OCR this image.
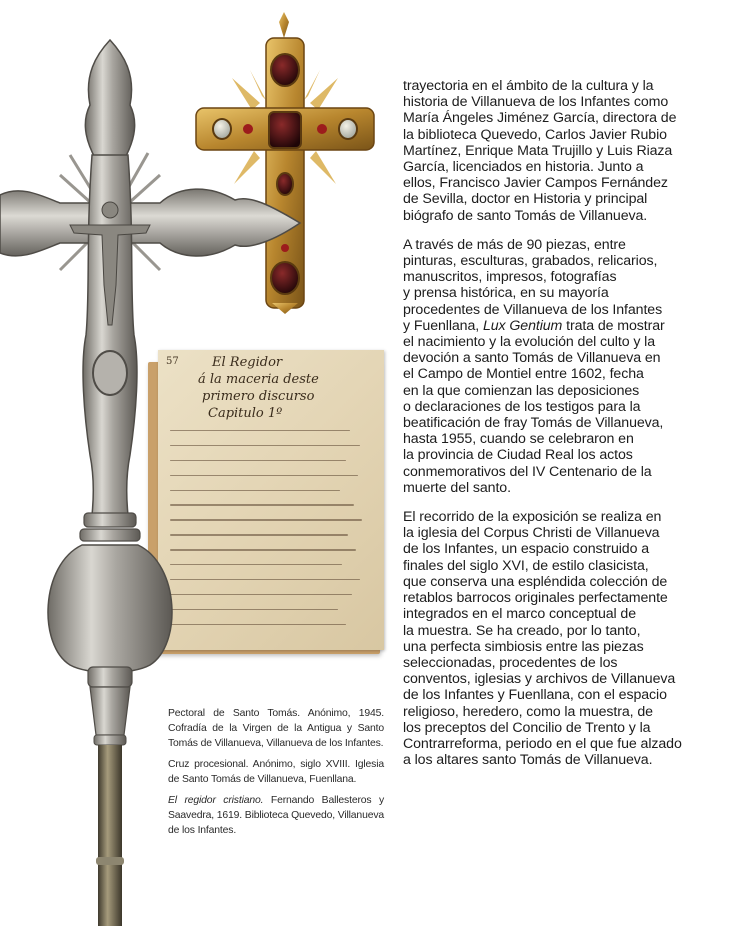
57	El Regidor
á la maceria deste
primero discurso
Capitulo 1º

Pectoral de Santo Tomás. Anónimo, 1945. Cofradía de la Virgen de la Antigua y Santo Tomás de Villanueva, Villanueva de los Infantes.

Cruz procesional. Anónimo, siglo XVIII. Iglesia de Santo Tomás de Villanueva, Fuenllana.

El regidor cristiano. Fernando Ballesteros y Saavedra, 1619. Biblioteca Quevedo, Villanueva de los Infantes.

trayectoria en el ámbito de la cultura y la
historia de Villanueva de los Infantes como
María Ángeles Jiménez García, directora de
la biblioteca Quevedo, Carlos Javier Rubio
Martínez, Enrique Mata Trujillo y Luis Riaza
García, licenciados en historia. Junto a
ellos, Francisco Javier Campos Fernández
de Sevilla, doctor en Historia y principal
biógrafo de santo Tomás de Villanueva.
A través de más de 90 piezas, entre
pinturas, esculturas, grabados, relicarios,
manuscritos, impresos, fotografías
y prensa histórica, en su mayoría
procedentes de Villanueva de los Infantes
y Fuenllana, Lux Gentium trata de mostrar
el nacimiento y la evolución del culto y la
devoción a santo Tomás de Villanueva en
el Campo de Montiel entre 1602, fecha
en la que comienzan las deposiciones
o declaraciones de los testigos para la
beatificación de fray Tomás de Villanueva,
hasta 1955, cuando se celebraron en
la provincia de Ciudad Real los actos
conmemorativos del IV Centenario de la
muerte del santo.
El recorrido de la exposición se realiza en
la iglesia del Corpus Christi de Villanueva
de los Infantes, un espacio construido a
finales del siglo XVI, de estilo clasicista,
que conserva una espléndida colección de
retablos barrocos originales perfectamente
integrados en el marco conceptual de
la muestra. Se ha creado, por lo tanto,
una perfecta simbiosis entre las piezas
seleccionadas, procedentes de los
conventos, iglesias y archivos de Villanueva
de los Infantes y Fuenllana, con el espacio
religioso, heredero, como la muestra, de
los preceptos del Concilio de Trento y la
Contrarreforma, periodo en el que fue alzado
a los altares santo Tomás de Villanueva.
